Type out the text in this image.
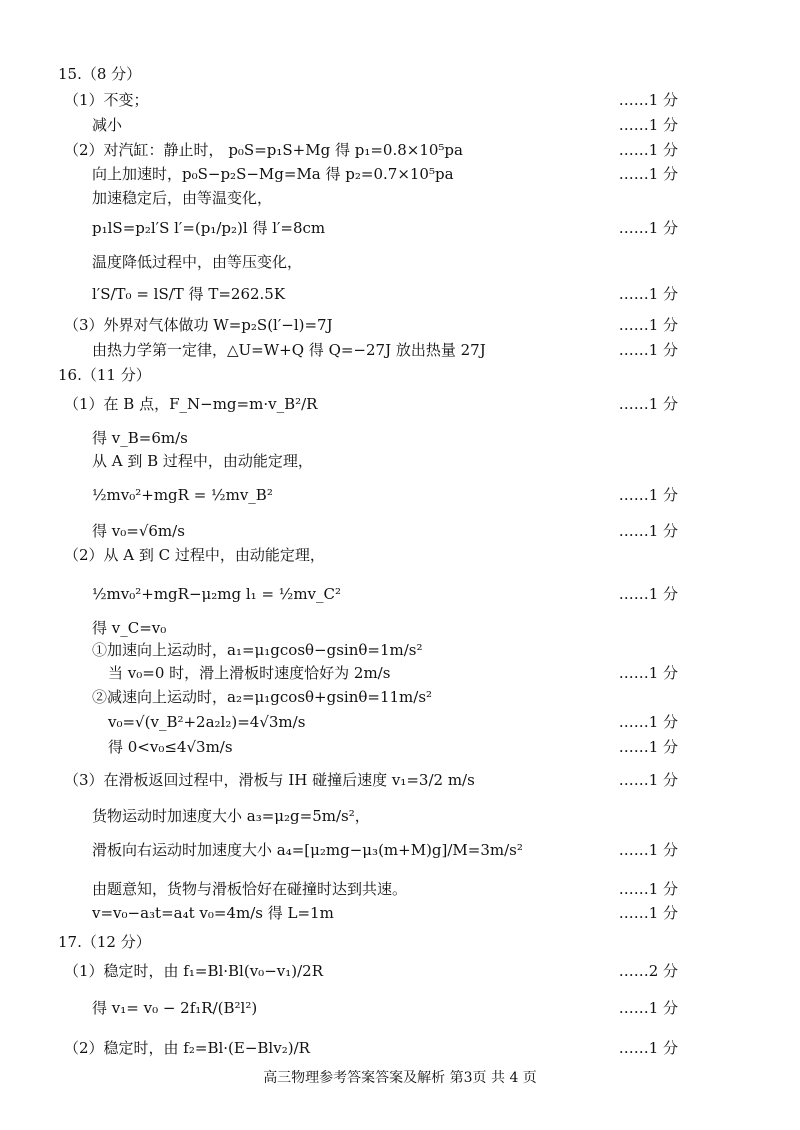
15.（8 分）
（1）不变；	……1 分
减小	……1 分
（2）对汽缸：静止时， p₀S=p₁S+Mg 得 p₁=0.8×10⁵pa	……1 分
向上加速时，p₀S−p₂S−Mg=Ma 得 p₂=0.7×10⁵pa	……1 分
加速稳定后，由等温变化，
p₁lS=p₂l′S l′=(p₁/p₂)l 得 l′=8cm	……1 分
温度降低过程中，由等压变化，
l′S/T₀ = lS/T 得 T=262.5K	……1 分
（3）外界对气体做功 W=p₂S(l′−l)=7J	……1 分
由热力学第一定律，△U=W+Q 得 Q=−27J 放出热量 27J	……1 分
16.（11 分）
（1）在 B 点，F_N−mg=m·v_B²/R	……1 分
得 v_B=6m/s
从 A 到 B 过程中，由动能定理，
½mv₀²+mgR = ½mv_B²	……1 分
得 v₀=√6m/s	……1 分
（2）从 A 到 C 过程中，由动能定理，
½mv₀²+mgR−μ₂mg l₁ = ½mv_C²	……1 分
得 v_C=v₀
①加速向上运动时，a₁=μ₁gcosθ−gsinθ=1m/s²
当 v₀=0 时，滑上滑板时速度恰好为 2m/s	……1 分
②减速向上运动时，a₂=μ₁gcosθ+gsinθ=11m/s²
v₀=√(v_B²+2a₂l₂)=4√3m/s	……1 分
得 0<v₀≤4√3m/s	……1 分
（3）在滑板返回过程中，滑板与 IH 碰撞后速度 v₁=3/2 m/s	……1 分
货物运动时加速度大小 a₃=μ₂g=5m/s²，
滑板向右运动时加速度大小 a₄=[μ₂mg−μ₃(m+M)g]/M=3m/s²	……1 分
由题意知，货物与滑板恰好在碰撞时达到共速。	……1 分
v=v₀−a₃t=a₄t v₀=4m/s 得 L=1m	……1 分
17.（12 分）
（1）稳定时，由 f₁=Bl·Bl(v₀−v₁)/2R	……2 分
得 v₁= v₀ − 2f₁R/(B²l²)	……1 分
（2）稳定时，由 f₂=Bl·(E−Blv₂)/R	……1 分
高三物理参考答案答案及解析 第3页 共 4 页
